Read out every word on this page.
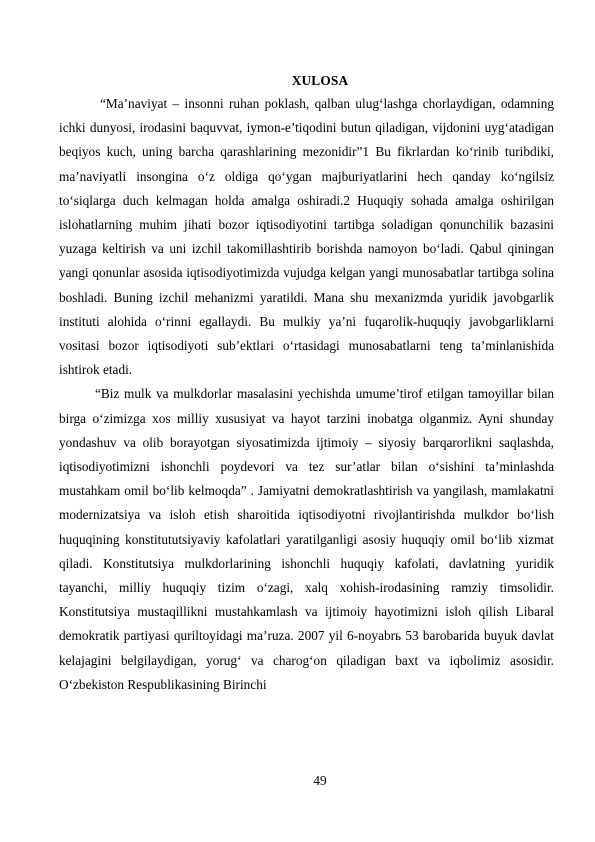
XULOSA

“Ma’naviyat – insonni ruhan poklash, qalban ulug‘lashga chorlaydigan, odamning ichki dunyosi, irodasini baquvvat, iymon-e’tiqodini butun qiladigan, vijdonini uyg‘atadigan beqiyos kuch, uning barcha qarashlarining mezonidir”1 Bu fikrlardan ko‘rinib turibdiki, ma’naviyatli insongina o‘z oldiga qo‘ygan majburiyatlarini hech qanday ko‘ngilsiz to‘siqlarga duch kelmagan holda amalga oshiradi.2 Huquqiy sohada amalga oshirilgan islohatlarning muhim jihati bozor iqtisodiyotini tartibga soladigan qonunchilik bazasini yuzaga keltirish va uni izchil takomillashtirib borishda namoyon bo‘ladi. Qabul qiningan yangi qonunlar asosida iqtisodiyotimizda vujudga kelgan yangi munosabatlar tartibga solina boshladi. Buning izchil mehanizmi yaratildi. Mana shu mexanizmda yuridik javobgarlik instituti alohida o‘rinni egallaydi. Bu mulkiy ya’ni fuqarolik-huquqiy javobgarliklarni vositasi bozor iqtisodiyoti sub’ektlari o‘rtasidagi munosabatlarni teng ta’minlanishida ishtirok etadi.

“Biz mulk va mulkdorlar masalasini yechishda umume’tirof etilgan tamoyillar bilan birga o‘zimizga xos milliy xususiyat va hayot tarzini inobatga olganmiz. Ayni shunday yondashuv va olib borayotgan siyosatimizda ijtimoiy – siyosiy barqarorlikni saqlashda, iqtisodiyotimizni ishonchli poydevori va tez sur’atlar bilan o‘sishini ta’minlashda mustahkam omil bo‘lib kelmoqda” . Jamiyatni demokratlashtirish va yangilash, mamlakatni modernizatsiya va isloh etish sharoitida iqtisodiyotni rivojlantirishda mulkdor bo‘lish huquqining konstitututsiyaviy kafolatlari yaratilganligi asosiy huquqiy omil bo‘lib xizmat qiladi. Konstitutsiya mulkdorlarining ishonchli huquqiy kafolati, davlatning yuridik tayanchi, milliy huquqiy tizim o‘zagi, xalq xohish-irodasining ramziy timsolidir. Konstitutsiya mustaqillikni mustahkamlash va ijtimoiy hayotimizni isloh qilish Libaral demokratik partiyasi quriltoyidagi ma’ruza. 2007 yil 6-noyabrь 53 barobarida buyuk davlat kelajagini belgilaydigan, yorug‘ va charog‘on qiladigan baxt va iqbolimiz asosidir. O‘zbekiston Respublikasining Birinchi

49
